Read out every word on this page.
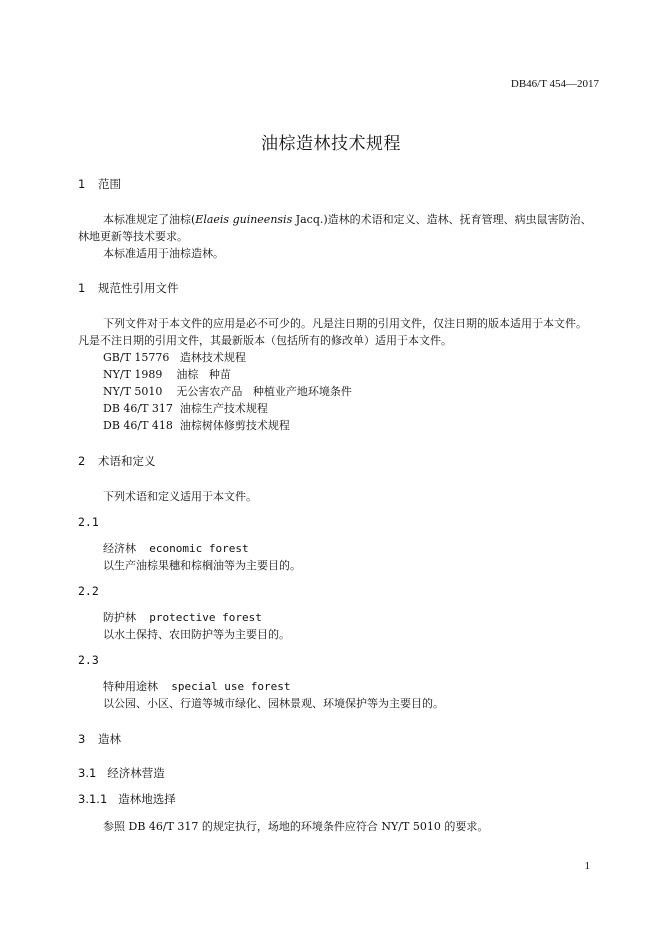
DB46/T 454—2017
油棕造林技术规程
1 范围
本标准规定了油棕(Elaeis guineensis Jacq.)造林的术语和定义、造林、抚育管理、病虫鼠害防治、
林地更新等技术要求。
本标准适用于油棕造林。
1 规范性引用文件
下列文件对于本文件的应用是必不可少的。凡是注日期的引用文件，仅注日期的版本适用于本文件。
凡是不注日期的引用文件，其最新版本（包括所有的修改单）适用于本文件。
GB/T 15776   造林技术规程
NY/T 1989    油棕   种苗
NY/T 5010    无公害农产品   种植业产地环境条件
DB 46/T 317  油棕生产技术规程
DB 46/T 418  油棕树体修剪技术规程
2 术语和定义
下列术语和定义适用于本文件。
2.1
经济林  economic forest
以生产油棕果穗和棕榈油等为主要目的。
2.2
防护林  protective forest
以水土保持、农田防护等为主要目的。
2.3
特种用途林  special use forest
以公园、小区、行道等城市绿化、园林景观、环境保护等为主要目的。
3 造林
3.1   经济林营造
3.1.1   造林地选择
参照 DB 46/T 317 的规定执行，场地的环境条件应符合 NY/T 5010 的要求。
1
